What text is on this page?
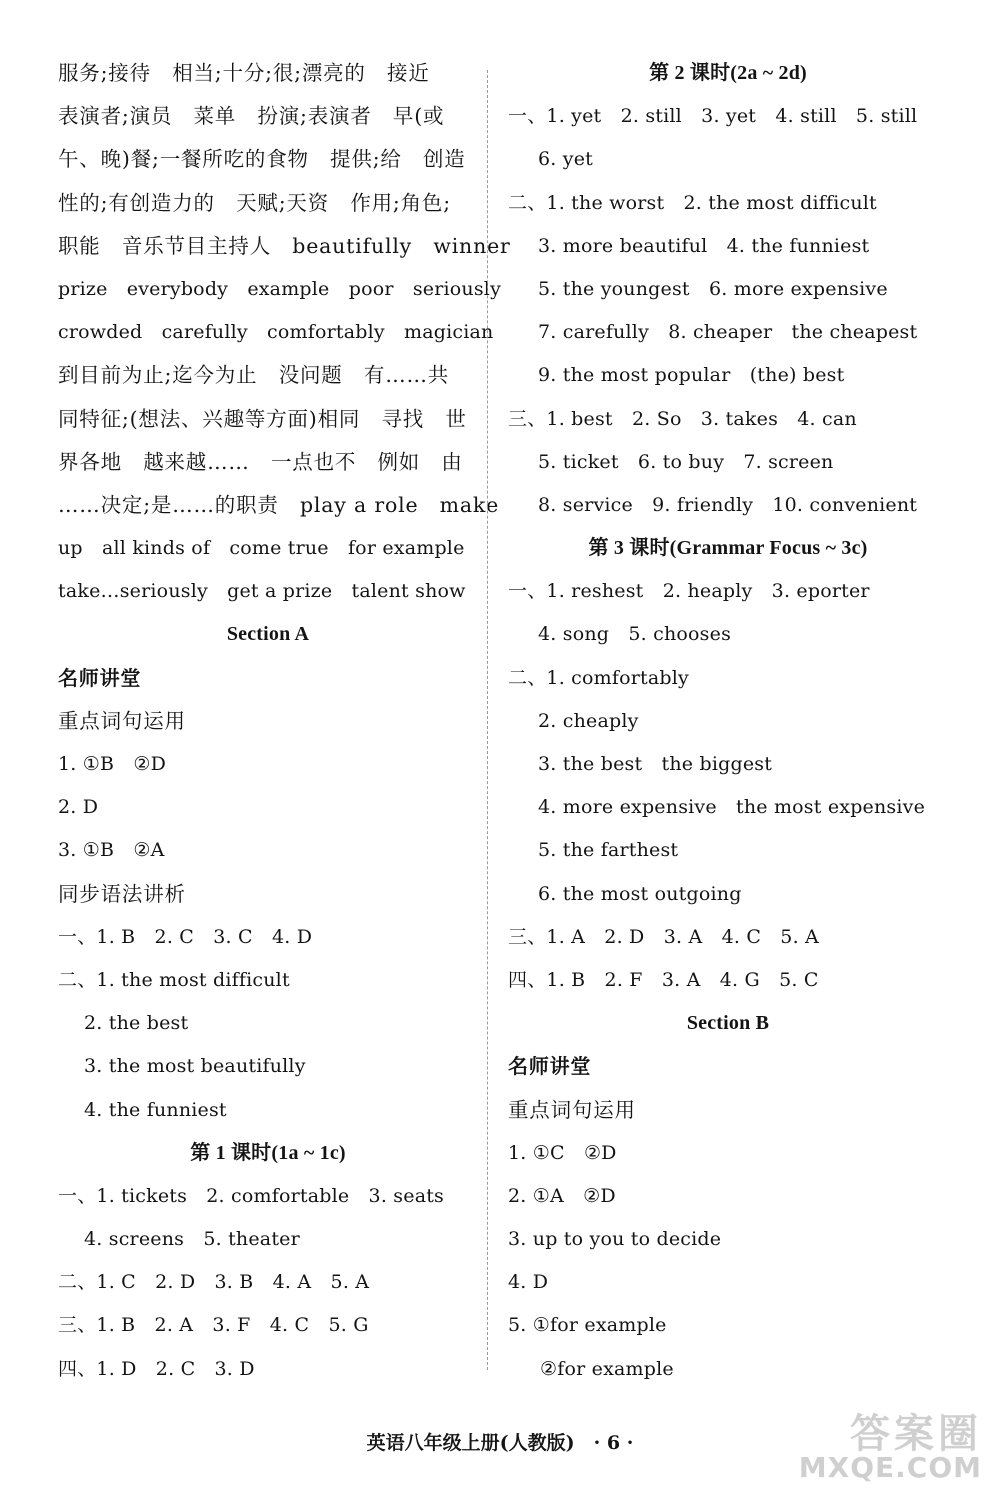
服务;接待　相当;十分;很;漂亮的　接近
表演者;演员　菜单　扮演;表演者　早(或
午、晚)餐;一餐所吃的食物　提供;给　创造
性的;有创造力的　天赋;天资　作用;角色;
职能　音乐节目主持人　beautifully　winner
prize　everybody　example　poor　seriously
crowded　carefully　comfortably　magician
到目前为止;迄今为止　没问题　有……共
同特征;(想法、兴趣等方面)相同　寻找　世
界各地　越来越……　一点也不　例如　由
……决定;是……的职责　play a role　make
up　all kinds of　come true　for example
take…seriously　get a prize　talent show
Section A
名师讲堂
重点词句运用
1. ①B　②D
2. D
3. ①B　②A
同步语法讲析
一、1. B　2. C　3. C　4. D
二、1. the most difficult
2. the best
3. the most beautifully
4. the funniest
第 1 课时(1a ~ 1c)
一、1. tickets　2. comfortable　3. seats
4. screens　5. theater
二、1. C　2. D　3. B　4. A　5. A
三、1. B　2. A　3. F　4. C　5. G
四、1. D　2. C　3. D
第 2 课时(2a ~ 2d)
一、1. yet　2. still　3. yet　4. still　5. still
6. yet
二、1. the worst　2. the most difficult
3. more beautiful　4. the funniest
5. the youngest　6. more expensive
7. carefully　8. cheaper　the cheapest
9. the most popular　(the) best
三、1. best　2. So　3. takes　4. can
5. ticket　6. to buy　7. screen
8. service　9. friendly　10. convenient
第 3 课时(Grammar Focus ~ 3c)
一、1. reshest　2. heaply　3. eporter
4. song　5. chooses
二、1. comfortably
2. cheaply
3. the best　the biggest
4. more expensive　the most expensive
5. the farthest
6. the most outgoing
三、1. A　2. D　3. A　4. C　5. A
四、1. B　2. F　3. A　4. G　5. C
Section B
名师讲堂
重点词句运用
1. ①C　②D
2. ①A　②D
3. up to you to decide
4. D
5. ①for example
②for example
英语八年级上册(人教版)　· 6 ·	答案圈
MXQE.COM
